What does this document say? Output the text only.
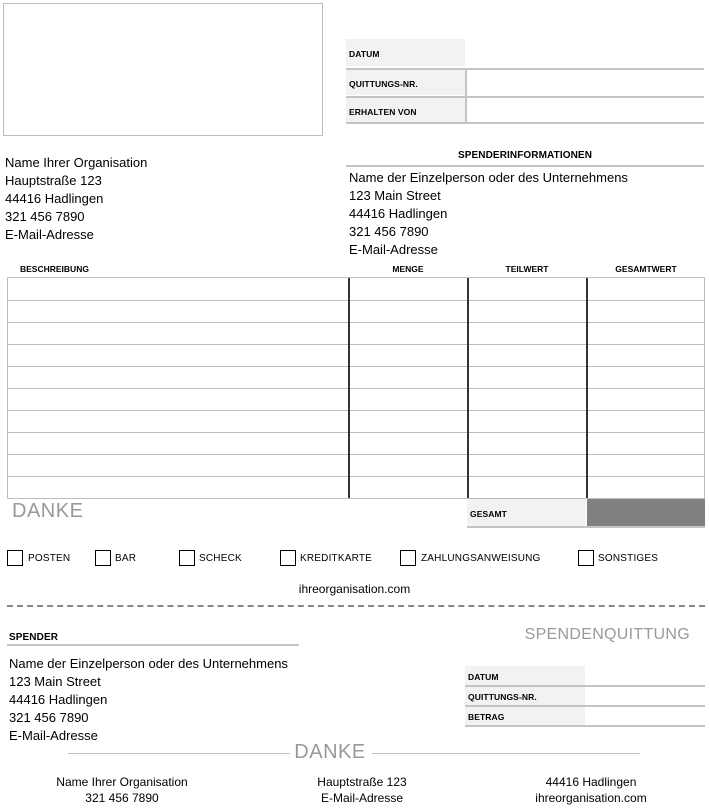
DATUM
QUITTUNGS-NR.
ERHALTEN VON
Name Ihrer Organisation
Hauptstraße 123
44416 Hadlingen
321 456 7890
E-Mail-Adresse
SPENDERINFORMATIONEN
Name der Einzelperson oder des Unternehmens
123 Main Street
44416 Hadlingen
321 456 7890
E-Mail-Adresse
BESCHREIBUNG	MENGE	TEILWERT	GESAMTWERT
DANKE	GESAMT
POSTEN	BAR	SCHECK	KREDITKARTE	ZAHLUNGSANWEISUNG	SONSTIGES
ihreorganisation.com
SPENDER
Name der Einzelperson oder des Unternehmens
123 Main Street
44416 Hadlingen
321 456 7890
E-Mail-Adresse
SPENDENQUITTUNG
DATUM
QUITTUNGS-NR.
BETRAG
DANKE
Name Ihrer Organisation
321 456 7890
Hauptstraße 123
E-Mail-Adresse
44416 Hadlingen
ihreorganisation.com
